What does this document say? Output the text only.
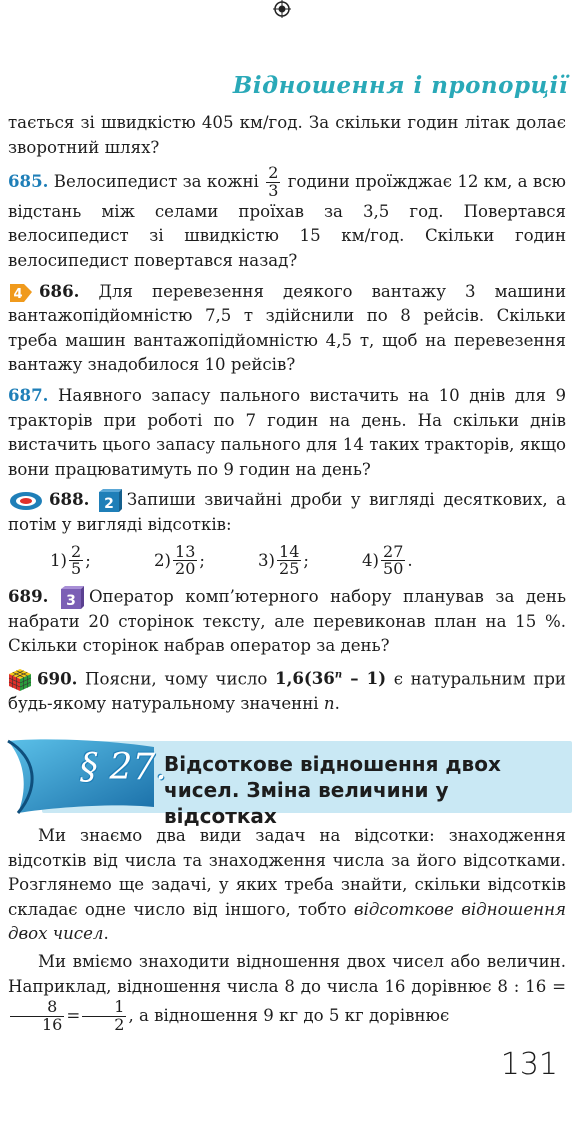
Відношення і пропорції

тається зі швидкістю 405 км/год. За скільки годин літак долає зворотний шлях?

685. Велосипедист за кожні $\frac{2}{3}$ години проїжджає 12 км, а всю відстань між селами проїхав за 3,5 год. Повертався велосипедист зі швидкістю 15 км/год. Скільки годин велосипедист повертався назад?

4 686. Для перевезення деякого вантажу 3 машини вантажопідйомністю 7,5 т здійснили по 8 рейсів. Скільки треба машин вантажопідйомністю 4,5 т, щоб на перевезення вантажу знадобилося 10 рейсів?

687. Наявного запасу пального вистачить на 10 днів для 9 тракторів при роботі по 7 годин на день. На скільки днів вистачить цього запасу пального для 14 таких тракторів, якщо вони працюватимуть по 9 годин на день?

688. 2 Запиши звичайні дроби у вигляді десяткових, а потім у вигляді відсотків:

$1) \frac{2}{5}$ ;	$2) \frac{13}{20}$ ;	$3) \frac{14}{25}$ ;	$4) \frac{27}{50}$ .

689. 3 Оператор комп’ютерного набору планував за день набрати 20 сторінок тексту, але перевиконав план на 15 %. Скільки сторінок набрав оператор за день?

690. Поясни, чому число 1,6(36$^n$ – 1) є натуральним при будь-якому натуральному значенні n.

§ 27.
Відсоткове відношення двох
чисел. Зміна величини у відсотках

Ми знаємо два види задач на відсотки: знаходження відсотків від числа та знаходження числа за його відсотками. Розглянемо ще задачі, у яких треба знайти, скільки відсотків складає одне число від іншого, тобто відсоткове відношення двох чисел.

Ми вміємо знаходити відношення двох чисел або величин. Наприклад, відношення числа 8 до числа 16 дорівнює 8 : 16 =
$\frac{8}{16} = \frac{1}{2}$ , а відношення 9 кг до 5 кг дорівнює

131
